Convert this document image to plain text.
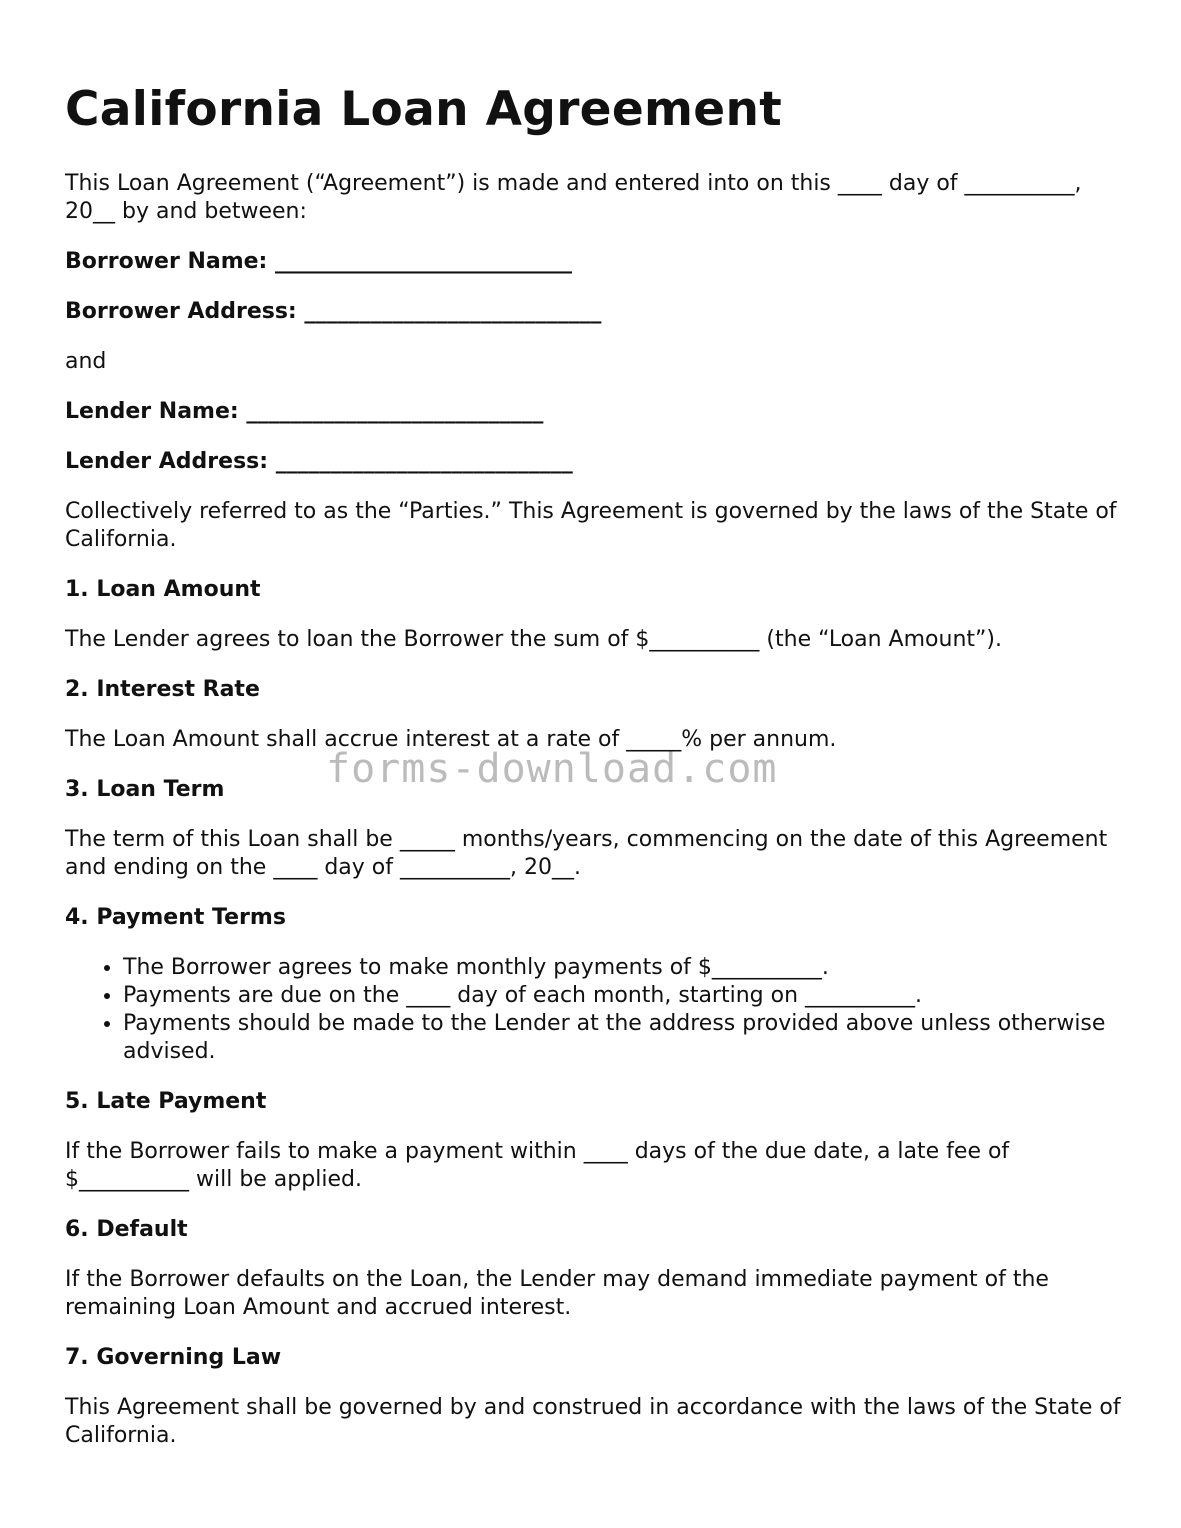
California Loan Agreement

This Loan Agreement (“Agreement”) is made and entered into on this ____ day of __________, 20__ by and between:

Borrower Name: ___________________________
Borrower Address: ___________________________

and

Lender Name: ___________________________
Lender Address: ___________________________

Collectively referred to as the “Parties.” This Agreement is governed by the laws of the State of California.

1. Loan Amount

The Lender agrees to loan the Borrower the sum of $__________ (the “Loan Amount”).

2. Interest Rate

The Loan Amount shall accrue interest at a rate of _____% per annum.

3. Loan Term

The term of this Loan shall be _____ months/years, commencing on the date of this Agreement and ending on the ____ day of __________, 20__.

4. Payment Terms
• The Borrower agrees to make monthly payments of $__________.
• Payments are due on the ____ day of each month, starting on __________.
• Payments should be made to the Lender at the address provided above unless otherwise advised.
5. Late Payment

If the Borrower fails to make a payment within ____ days of the due date, a late fee of $__________ will be applied.

6. Default

If the Borrower defaults on the Loan, the Lender may demand immediate payment of the remaining Loan Amount and accrued interest.

7. Governing Law

This Agreement shall be governed by and construed in accordance with the laws of the State of California.

forms-download.com
